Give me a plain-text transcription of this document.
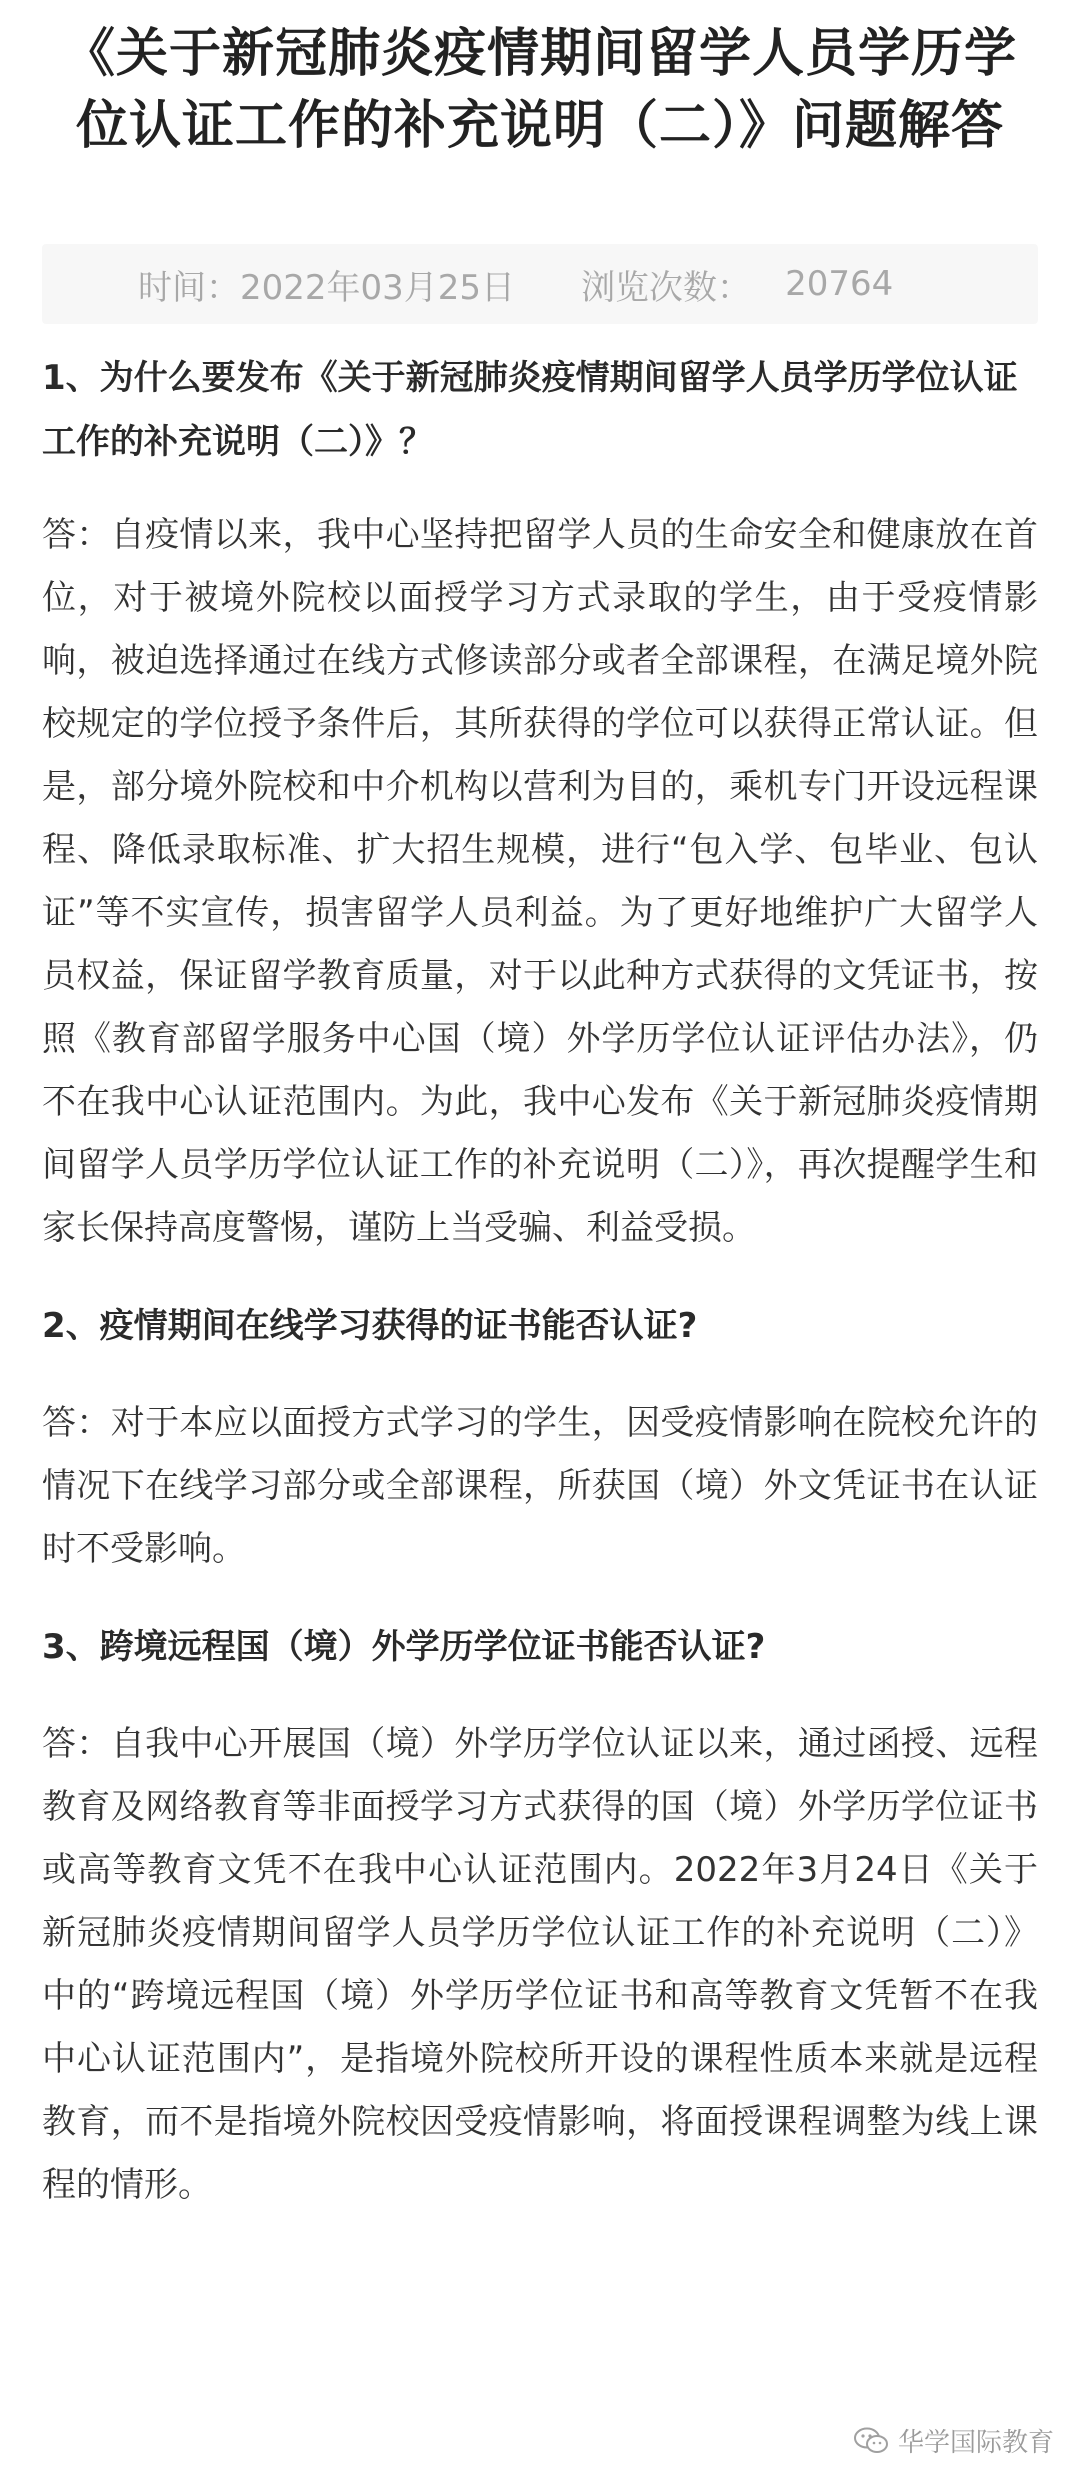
《关于新冠肺炎疫情期间留学人员学历学位认证工作的补充说明（二）》问题解答
时间： 2022年03月25日 浏览次数： 20764
1、为什么要发布《关于新冠肺炎疫情期间留学人员学历学位认证工作的补充说明（二）》？

答：自疫情以来，我中心坚持把留学人员的生命安全和健康放在首位，对于被境外院校以面授学习方式录取的学生，由于受疫情影响，被迫选择通过在线方式修读部分或者全部课程，在满足境外院校规定的学位授予条件后，其所获得的学位可以获得正常认证。但是，部分境外院校和中介机构以营利为目的，乘机专门开设远程课程、降低录取标准、扩大招生规模，进行“包入学、包毕业、包认证”等不实宣传，损害留学人员利益。为了更好地维护广大留学人员权益，保证留学教育质量，对于以此种方式获得的文凭证书，按照《教育部留学服务中心国（境）外学历学位认证评估办法》，仍不在我中心认证范围内。为此，我中心发布《关于新冠肺炎疫情期间留学人员学历学位认证工作的补充说明（二）》，再次提醒学生和家长保持高度警惕，谨防上当受骗、利益受损。

2、疫情期间在线学习获得的证书能否认证?

答：对于本应以面授方式学习的学生，因受疫情影响在院校允许的情况下在线学习部分或全部课程，所获国（境）外文凭证书在认证时不受影响。

3、跨境远程国（境）外学历学位证书能否认证?

答：自我中心开展国（境）外学历学位认证以来，通过函授、远程教育及网络教育等非面授学习方式获得的国（境）外学历学位证书或高等教育文凭不在我中心认证范围内。2022年3月24日《关于新冠肺炎疫情期间留学人员学历学位认证工作的补充说明（二）》中的“跨境远程国（境）外学历学位证书和高等教育文凭暂不在我中心认证范围内”，是指境外院校所开设的课程性质本来就是远程教育，而不是指境外院校因受疫情影响，将面授课程调整为线上课程的情形。

华学国际教育
